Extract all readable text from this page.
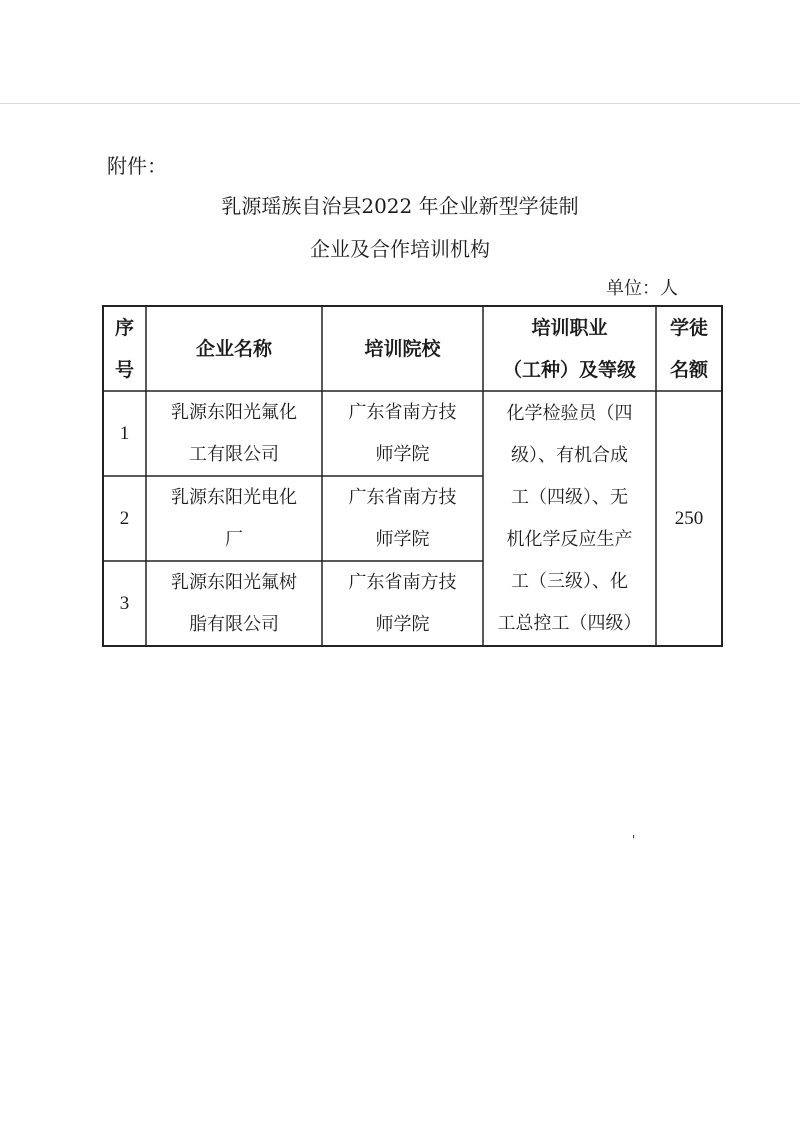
附件：
乳源瑶族自治县2022 年企业新型学徒制
企业及合作培训机构
单位：人
序号
企业名称	培训院校
培训职业
（工种）及等级
学徒
名额
1
乳源东阳光氟化
工有限公司
广东省南方技
师学院
2
乳源东阳光电化
厂
广东省南方技
师学院
3
乳源东阳光氟树
脂有限公司
广东省南方技
师学院
化学检验员（四
级）、有机合成
工（四级）、无
机化学反应生产
工（三级）、化
工总控工（四级）
250
'
